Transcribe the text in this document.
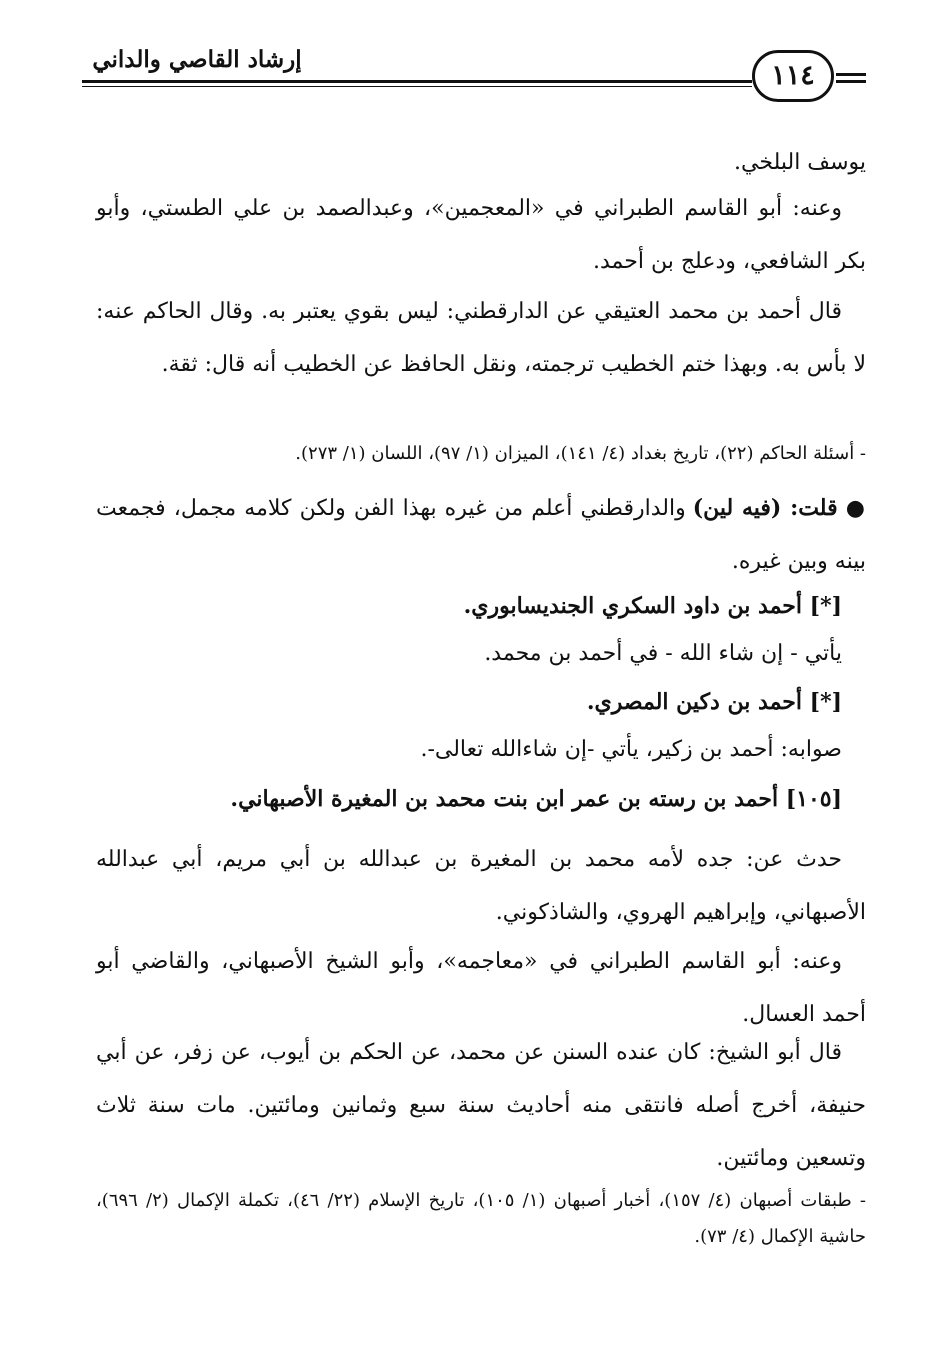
١١٤
إرشاد القاصي والداني
يوسف البلخي.
وعنه: أبو القاسم الطبراني في «المعجمين»، وعبدالصمد بن علي الطستي، وأبو بكر الشافعي، ودعلج بن أحمد.
قال أحمد بن محمد العتيقي عن الدارقطني: ليس بقوي يعتبر به. وقال الحاكم عنه: لا بأس به. وبهذا ختم الخطيب ترجمته، ونقل الحافظ عن الخطيب أنه قال: ثقة.
- أسئلة الحاكم (٢٢)، تاريخ بغداد (٤/ ١٤١)، الميزان (١/ ٩٧)، اللسان (١/ ٢٧٣).
● قلت: (فيه لين) والدارقطني أعلم من غيره بهذا الفن ولكن كلامه مجمل، فجمعت بينه وبين غيره.
[*] أحمد بن داود السكري الجنديسابوري.
يأتي - إن شاء الله - في أحمد بن محمد.
[*] أحمد بن دكين المصري.
صوابه: أحمد بن زكير، يأتي -إن شاءالله تعالى-.
[١٠٥] أحمد بن رسته بن عمر ابن بنت محمد بن المغيرة الأصبهاني.
حدث عن: جده لأمه محمد بن المغيرة بن عبدالله بن أبي مريم، أبي عبدالله الأصبهاني، وإبراهيم الهروي، والشاذكوني.
وعنه: أبو القاسم الطبراني في «معاجمه»، وأبو الشيخ الأصبهاني، والقاضي أبو أحمد العسال.
قال أبو الشيخ: كان عنده السنن عن محمد، عن الحكم بن أيوب، عن زفر، عن أبي حنيفة، أخرج أصله فانتقى منه أحاديث سنة سبع وثمانين ومائتين. مات سنة ثلاث وتسعين ومائتين.
- طبقات أصبهان (٤/ ١٥٧)، أخبار أصبهان (١/ ١٠٥)، تاريخ الإسلام (٢٢/ ٤٦)، تكملة الإكمال (٢/ ٦٩٦)، حاشية الإكمال (٤/ ٧٣).
